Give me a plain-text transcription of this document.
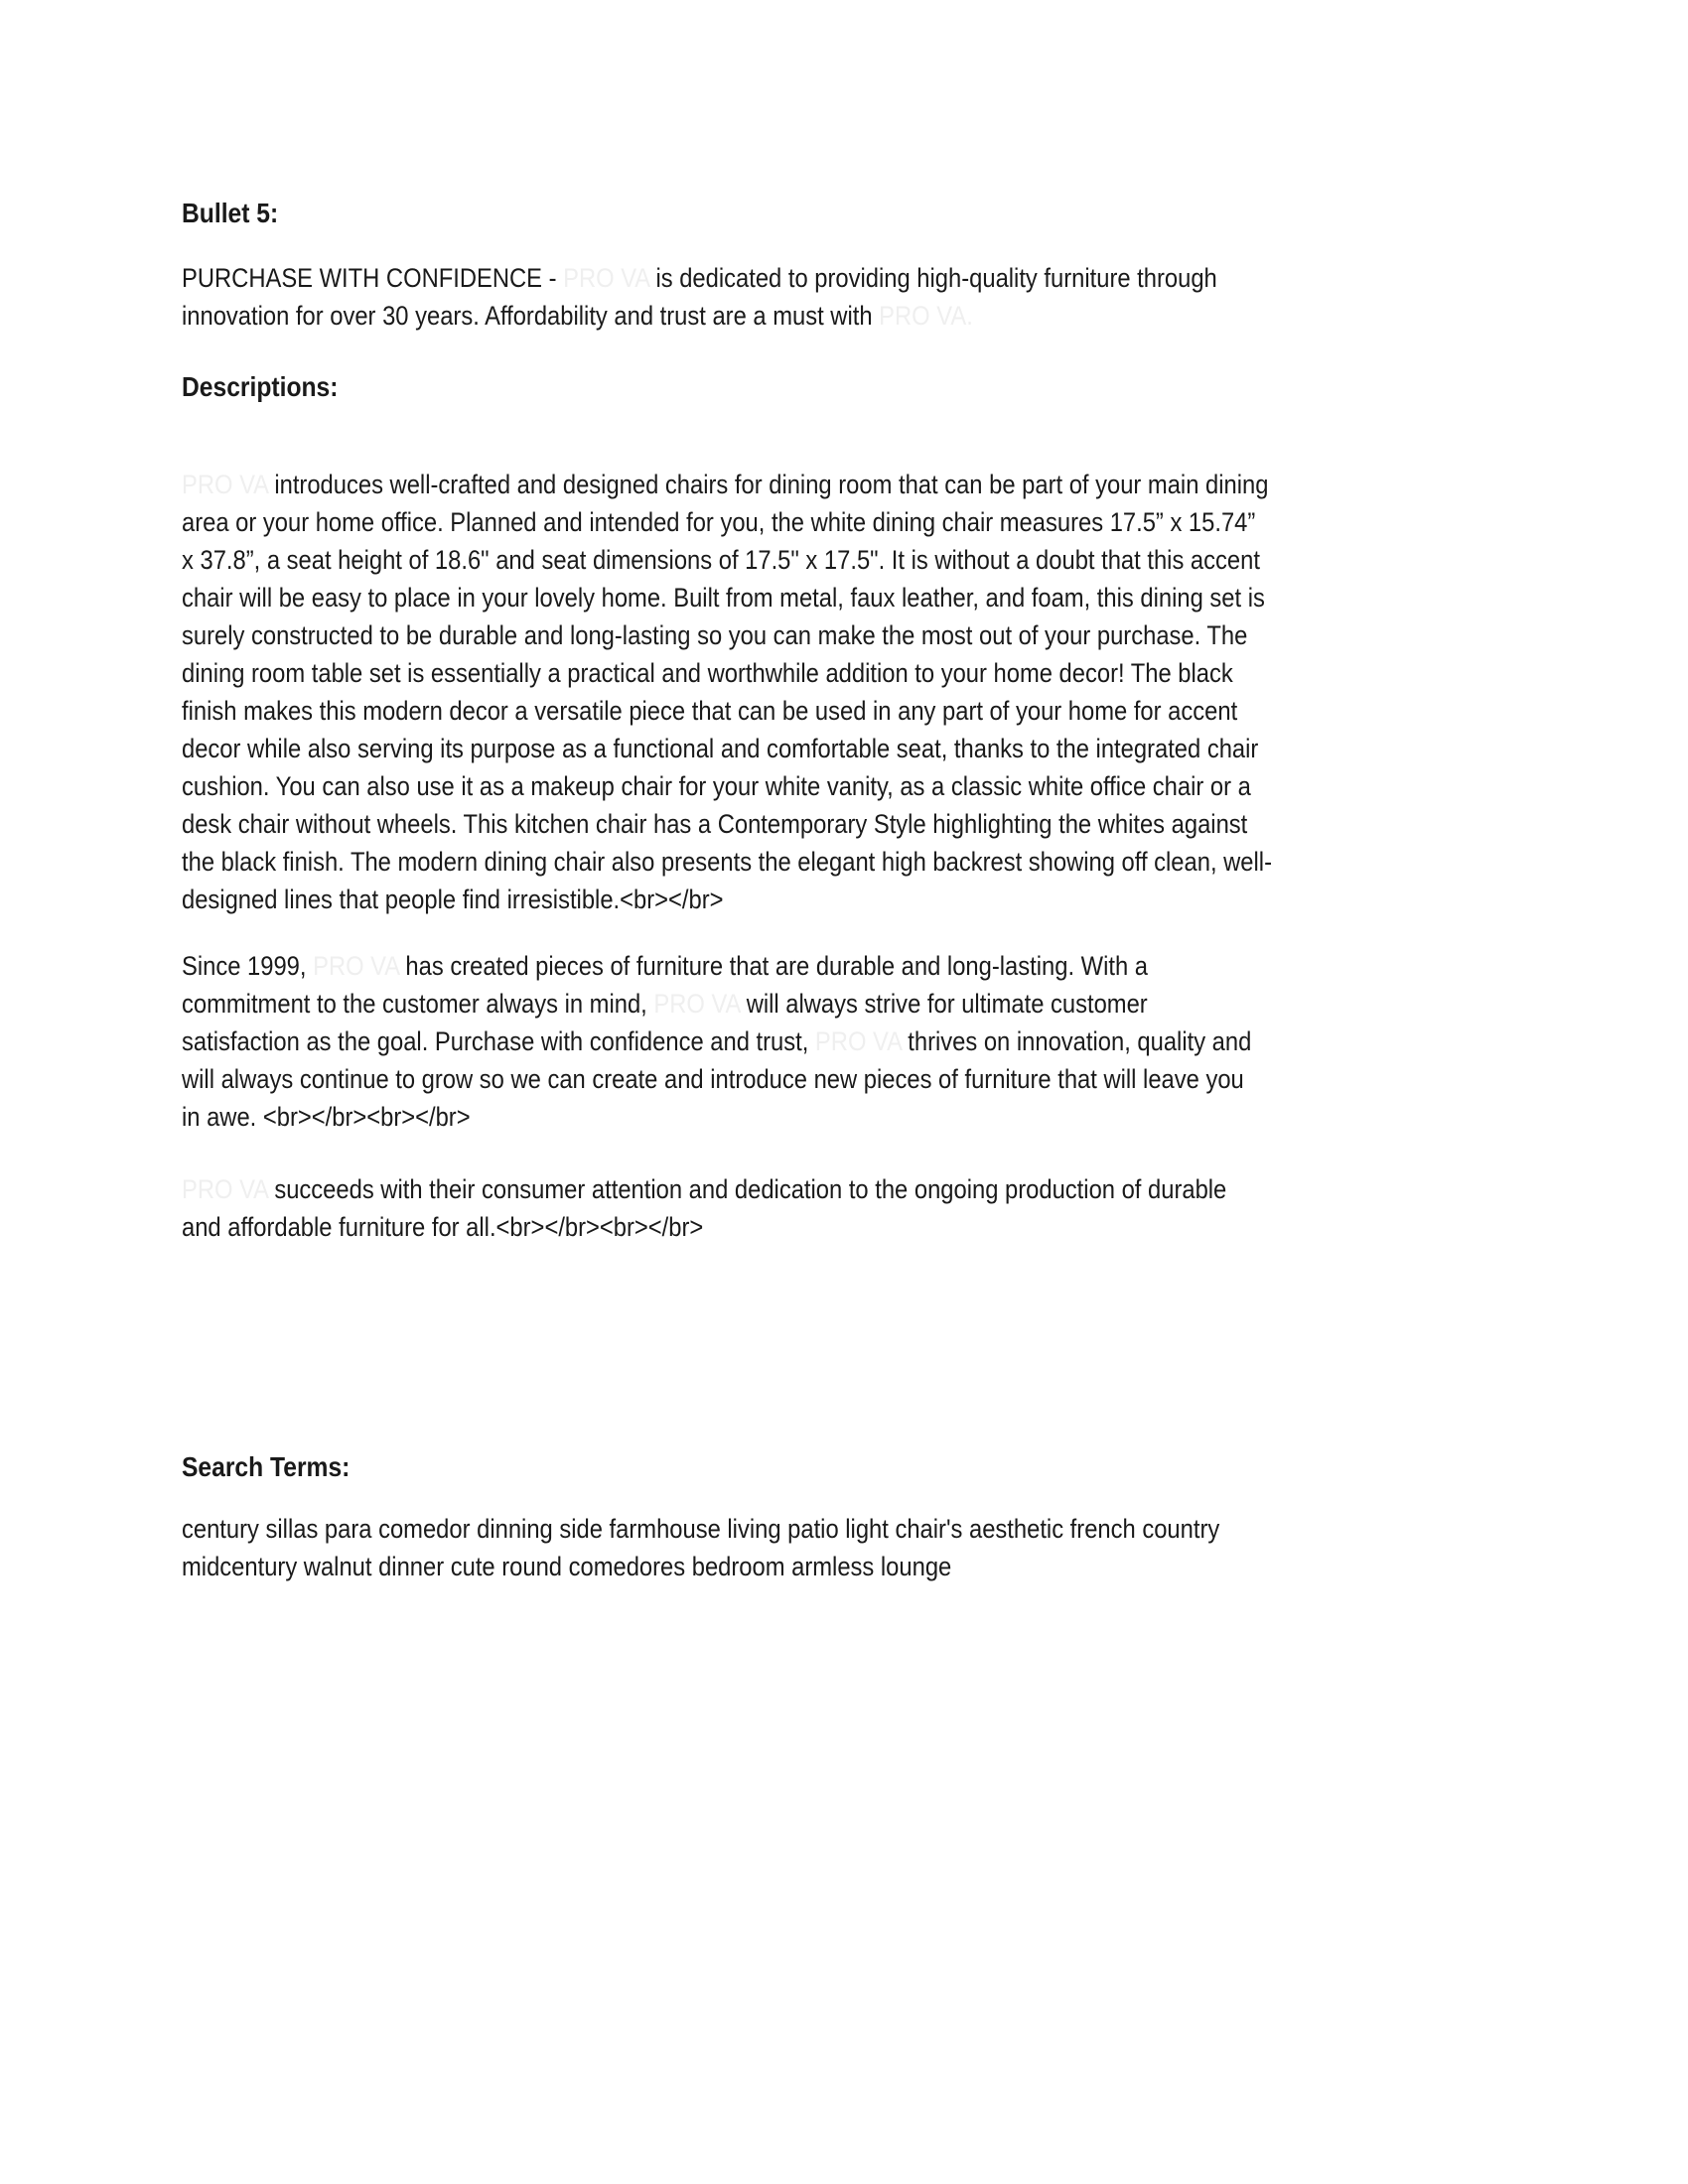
Bullet 5:
PURCHASE WITH CONFIDENCE - PRO VA is dedicated to providing high-quality furniture through
innovation for over 30 years. Affordability and trust are a must with PRO VA.
Descriptions:
PRO VA introduces well-crafted and designed chairs for dining room that can be part of your main dining
area or your home office. Planned and intended for you, the white dining chair measures 17.5” x 15.74”
x 37.8”, a seat height of 18.6" and seat dimensions of 17.5" x 17.5". It is without a doubt that this accent
chair will be easy to place in your lovely home. Built from metal, faux leather, and foam, this dining set is
surely constructed to be durable and long-lasting so you can make the most out of your purchase. The
dining room table set is essentially a practical and worthwhile addition to your home decor! The black
finish makes this modern decor a versatile piece that can be used in any part of your home for accent
decor while also serving its purpose as a functional and comfortable seat, thanks to the integrated chair
cushion. You can also use it as a makeup chair for your white vanity, as a classic white office chair or a
desk chair without wheels. This kitchen chair has a Contemporary Style highlighting the whites against
the black finish. The modern dining chair also presents the elegant high backrest showing off clean, well-
designed lines that people find irresistible.<br></br>
Since 1999, PRO VA has created pieces of furniture that are durable and long-lasting. With a
commitment to the customer always in mind, PRO VA will always strive for ultimate customer
satisfaction as the goal. Purchase with confidence and trust, PRO VA thrives on innovation, quality and
will always continue to grow so we can create and introduce new pieces of furniture that will leave you
in awe. <br></br><br></br>
PRO VA succeeds with their consumer attention and dedication to the ongoing production of durable
and affordable furniture for all.<br></br><br></br>
Search Terms:
century sillas para comedor dinning side farmhouse living patio light chair's aesthetic french country
midcentury walnut dinner cute round comedores bedroom armless lounge
